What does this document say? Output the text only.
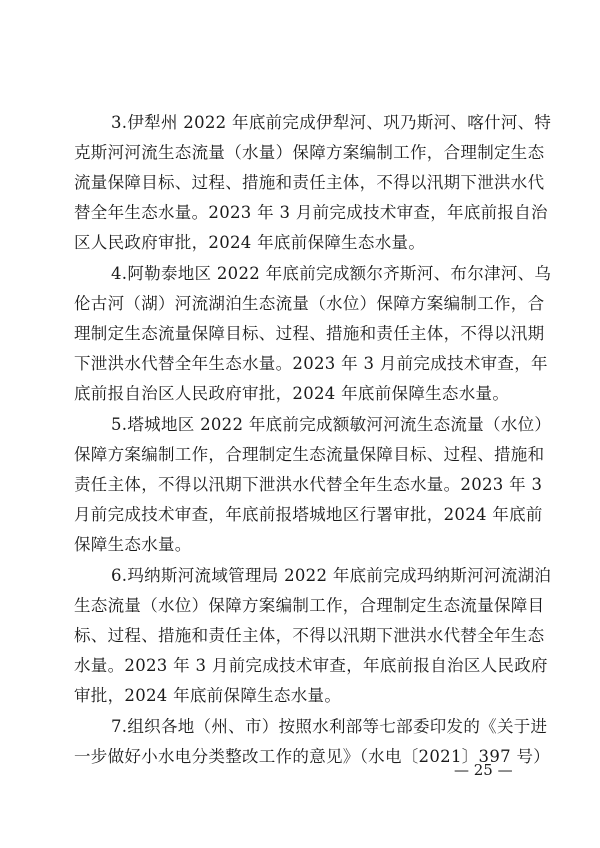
3.伊犁州 2022 年底前完成伊犁河、巩乃斯河、喀什河、特
克斯河河流生态流量（水量）保障方案编制工作，合理制定生态
流量保障目标、过程、措施和责任主体，不得以汛期下泄洪水代
替全年生态水量。2023 年 3 月前完成技术审查，年底前报自治
区人民政府审批，2024 年底前保障生态水量。
4.阿勒泰地区 2022 年底前完成额尔齐斯河、布尔津河、乌
伦古河（湖）河流湖泊生态流量（水位）保障方案编制工作，合
理制定生态流量保障目标、过程、措施和责任主体，不得以汛期
下泄洪水代替全年生态水量。2023 年 3 月前完成技术审查，年
底前报自治区人民政府审批，2024 年底前保障生态水量。
5.塔城地区 2022 年底前完成额敏河河流生态流量（水位）
保障方案编制工作，合理制定生态流量保障目标、过程、措施和
责任主体，不得以汛期下泄洪水代替全年生态水量。2023 年 3
月前完成技术审查，年底前报塔城地区行署审批，2024 年底前
保障生态水量。
6.玛纳斯河流域管理局 2022 年底前完成玛纳斯河河流湖泊
生态流量（水位）保障方案编制工作，合理制定生态流量保障目
标、过程、措施和责任主体，不得以汛期下泄洪水代替全年生态
水量。2023 年 3 月前完成技术审查，年底前报自治区人民政府
审批，2024 年底前保障生态水量。
7.组织各地（州、市）按照水利部等七部委印发的《关于进
一步做好小水电分类整改工作的意见》（水电〔2021〕397 号）
— 25 —
